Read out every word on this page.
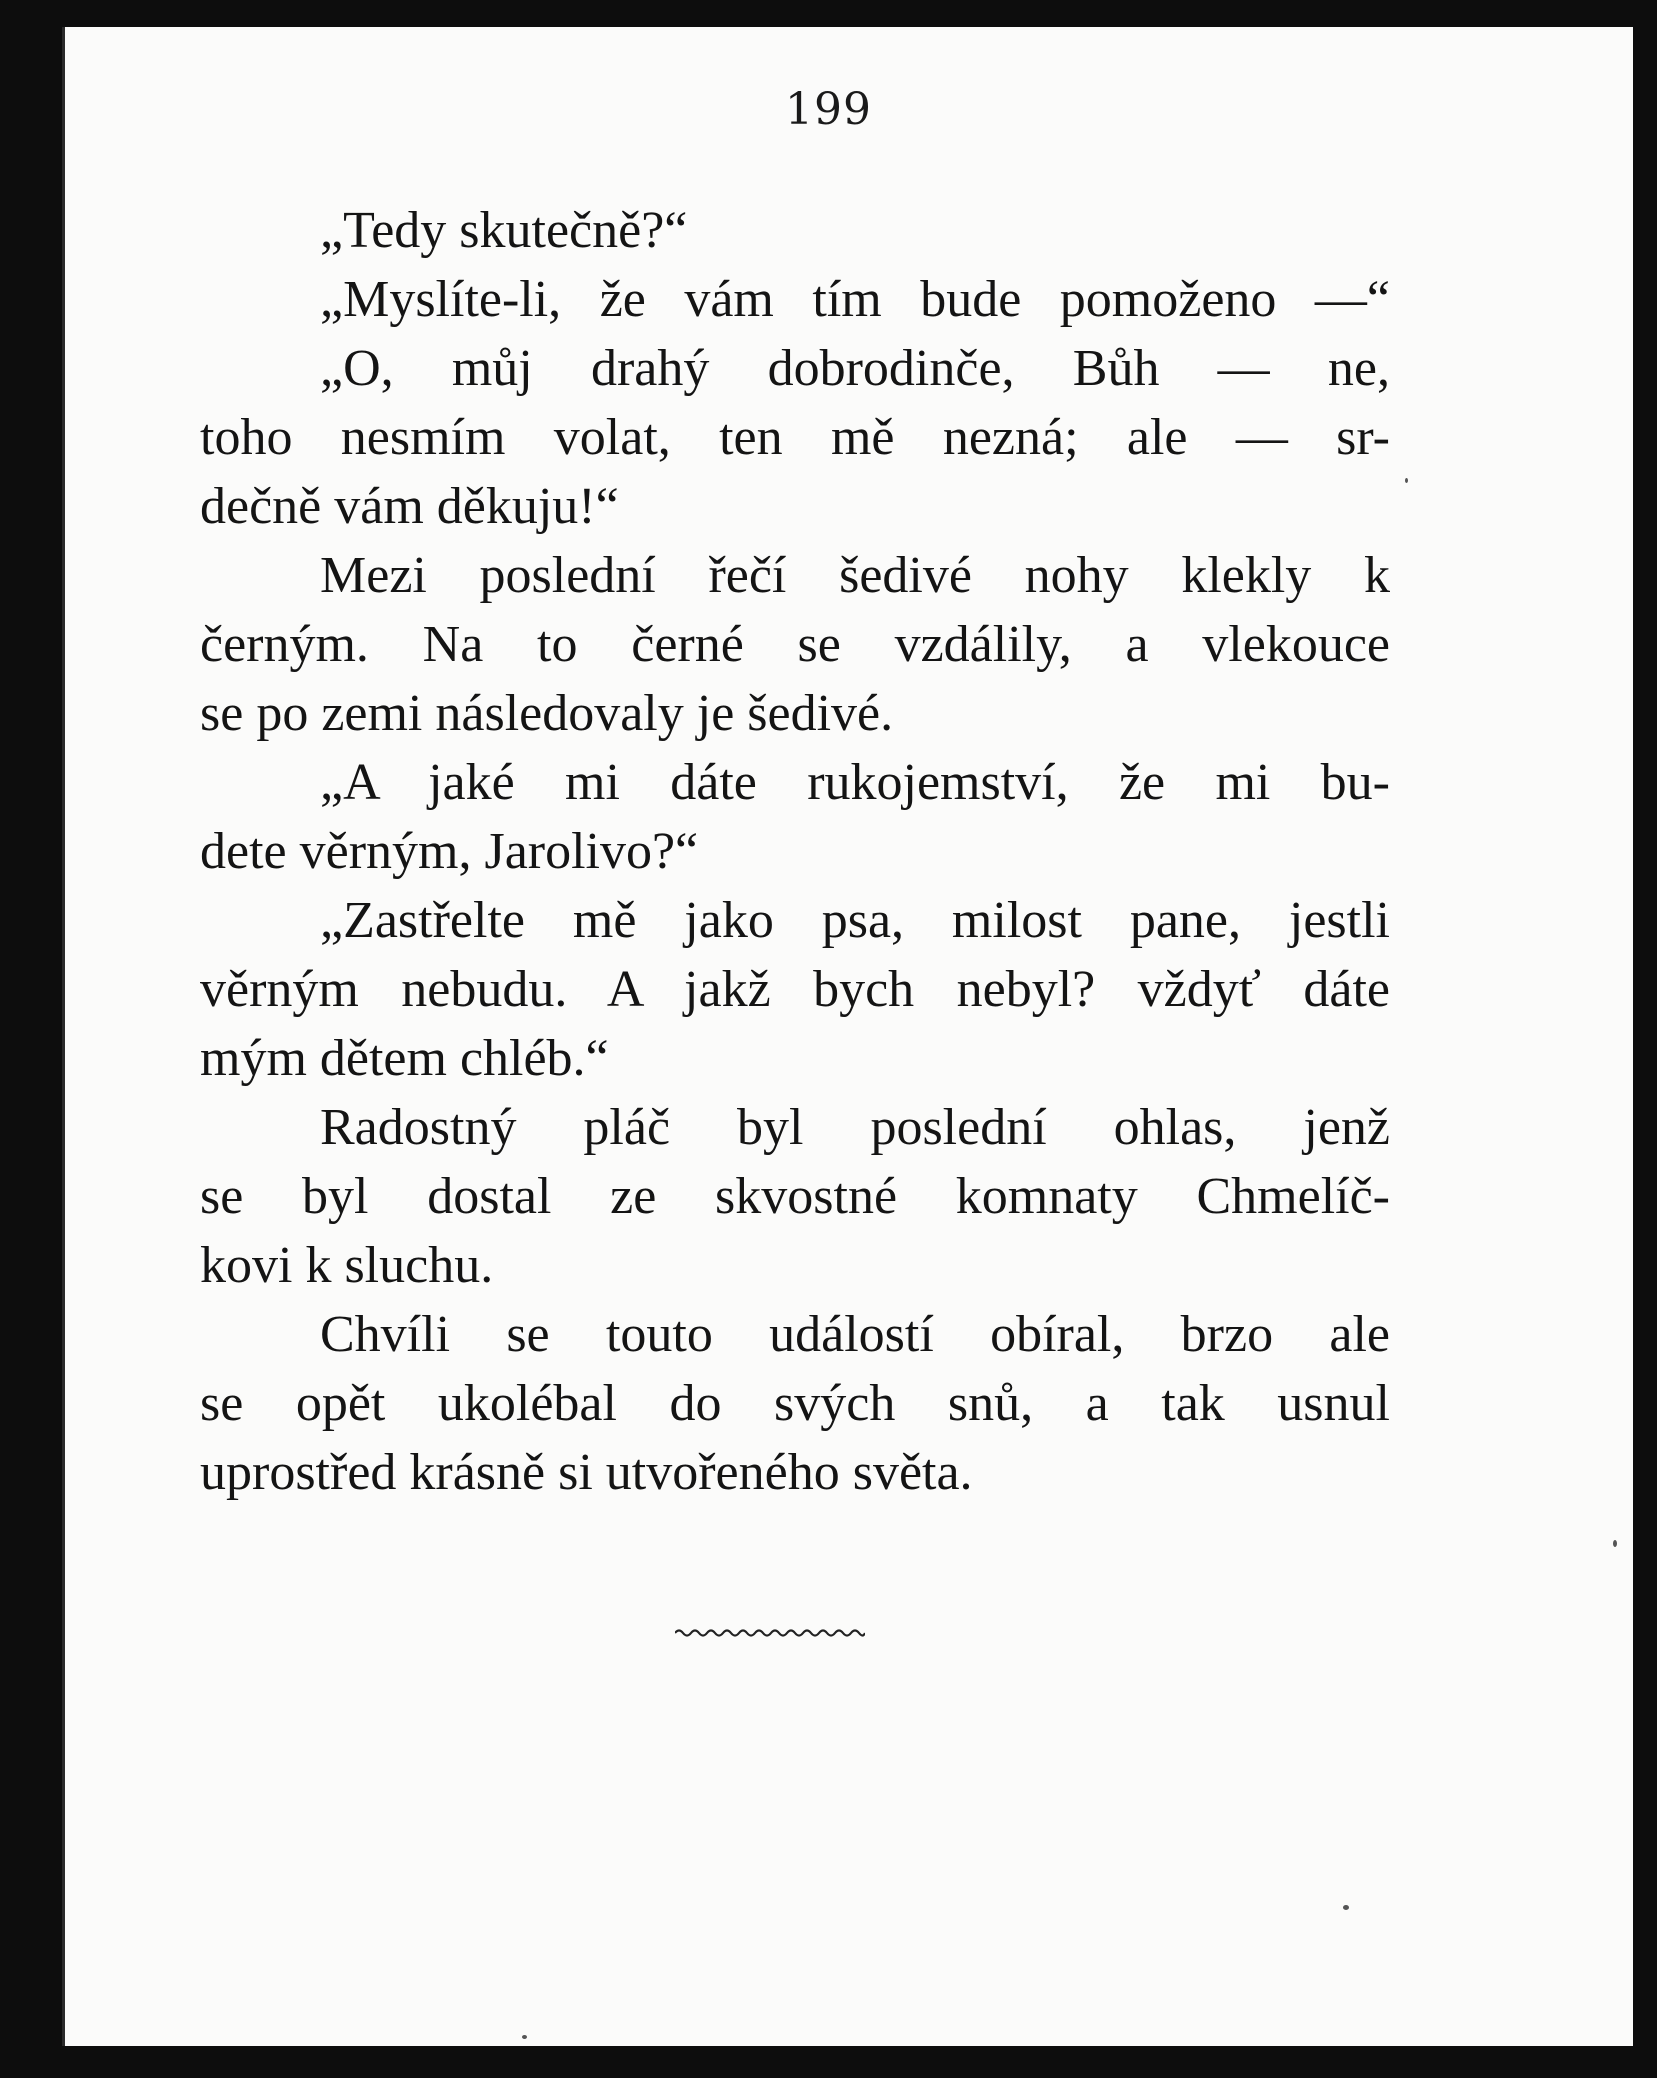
199
„Tedy skutečně?“
„Myslíte-li, že vám tím bude pomoženo —“
„O, můj drahý dobrodinče, Bůh — ne,
toho nesmím volat, ten mě nezná; ale — sr-
dečně vám děkuju!“
Mezi poslední řečí šedivé nohy klekly k
černým. Na to černé se vzdálily, a vlekouce
se po zemi následovaly je šedivé.
„A jaké mi dáte rukojemství, že mi bu-
dete věrným, Jarolivo?“
„Zastřelte mě jako psa, milost pane, jestli
věrným nebudu. A jakž bych nebyl? vždyť dáte
mým dětem chléb.“
Radostný pláč byl poslední ohlas, jenž
se byl dostal ze skvostné komnaty Chmelíč-
kovi k sluchu.
Chvíli se touto událostí obíral, brzo ale
se opět ukolébal do svých snů, a tak usnul
uprostřed krásně si utvořeného světa.
